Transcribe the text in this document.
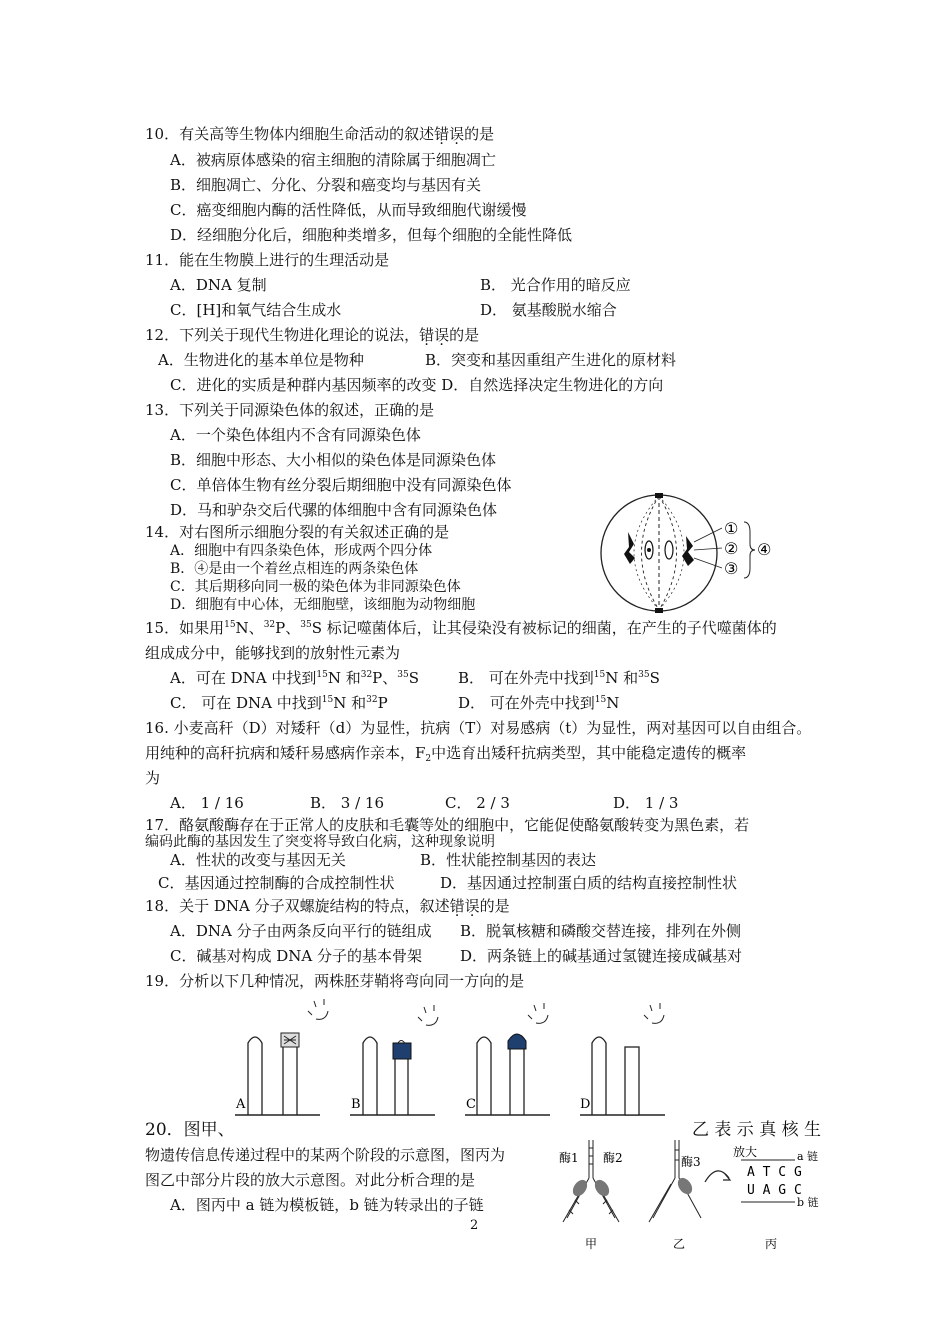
10．有关高等生物体内细胞生命活动的叙述错误的是
A．被病原体感染的宿主细胞的清除属于细胞凋亡
B．细胞凋亡、分化、分裂和癌变均与基因有关
C．癌变细胞内酶的活性降低，从而导致细胞代谢缓慢
D．经细胞分化后，细胞种类增多，但每个细胞的全能性降低
11．能在生物膜上进行的生理活动是
A．DNA 复制	B． 光合作用的暗反应
C．[H]和氧气结合生成水	D． 氨基酸脱水缩合
12．下列关于现代生物进化理论的说法，错误的是
A．生物进化的基本单位是物种	B．突变和基因重组产生进化的原材料
C．进化的实质是种群内基因频率的改变 D．自然选择决定生物进化的方向
13．下列关于同源染色体的叙述，正确的是
A．一个染色体组内不含有同源染色体
B．细胞中形态、大小相似的染色体是同源染色体
C．单倍体生物有丝分裂后期细胞中没有同源染色体
D．马和驴杂交后代骡的体细胞中含有同源染色体
14．对右图所示细胞分裂的有关叙述正确的是
A．细胞中有四条染色体，形成两个四分体
B．④是由一个着丝点相连的两条染色体
C．其后期移向同一极的染色体为非同源染色体
D．细胞有中心体，无细胞壁，该细胞为动物细胞
①
②
③
④
15．如果用$^{15}$N、$^{32}$P、$^{35}$S 标记噬菌体后，让其侵染没有被标记的细菌，在产生的子代噬菌体的
组成成分中，能够找到的放射性元素为
A．可在 DNA 中找到$^{15}$N 和$^{32}$P、$^{35}$S	B． 可在外壳中找到$^{15}$N 和$^{35}$S
C． 可在 DNA 中找到$^{15}$N 和$^{32}$P	D． 可在外壳中找到$^{15}$N
16. 小麦高秆（D）对矮秆（d）为显性，抗病（T）对易感病（t）为显性，两对基因可以自由组合。
用纯种的高秆抗病和矮秆易感病作亲本，$F_2$中选育出矮秆抗病类型，其中能稳定遗传的概率
为
A． 1 / 16	B． 3 / 16	C． 2 / 3	D． 1 / 3
17．酪氨酸酶存在于正常人的皮肤和毛囊等处的细胞中，它能促使酪氨酸转变为黑色素，若
编码此酶的基因发生了突变将导致白化病，这种现象说明
A．性状的改变与基因无关	B．性状能控制基因的表达
C．基因通过控制酶的合成控制性状	D．基因通过控制蛋白质的结构直接控制性状
18．关于 DNA 分子双螺旋结构的特点，叙述错误的是
A．DNA 分子由两条反向平行的链组成 B．脱氧核糖和磷酸交替连接，排列在外侧
C．碱基对构成 DNA 分子的基本骨架	D．两条链上的碱基通过氢键连接成碱基对
19．分析以下几种情况，两株胚芽鞘将弯向同一方向的是
A	B	C	D
20．图甲、	乙 表 示 真 核 生
物遗传信息传递过程中的某两个阶段的示意图，图丙为
图乙中部分片段的放大示意图。对此分析合理的是
A．图丙中 a 链为模板链，b 链为转录出的子链
酶1 酶2
甲
酶3
乙
放大	a 链
A T C G
U A G C
b 链
丙
2
